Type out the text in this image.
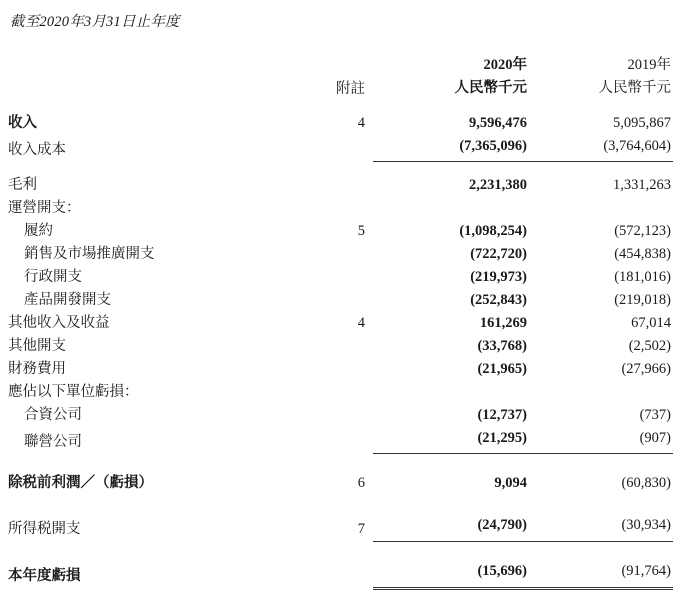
截至2020年3月31日止年度
		2020年	2019年
	附註	人民幣千元	人民幣千元

收入	4	9,596,476	5,095,867
收入成本		(7,365,096)	(3,764,604)

毛利		2,231,380	1,331,263
運營開支：			
履約	5	(1,098,254)	(572,123)
銷售及市場推廣開支		(722,720)	(454,838)
行政開支		(219,973)	(181,016)
產品開發開支		(252,843)	(219,018)
其他收入及收益	4	161,269	67,014
其他開支		(33,768)	(2,502)
財務費用		(21,965)	(27,966)
應佔以下單位虧損：			
合資公司		(12,737)	(737)
聯營公司		(21,295)	(907)

除税前利潤／（虧損）	6	9,094	(60,830)

所得税開支	7	(24,790)	(30,934)

本年度虧損		(15,696)	(91,764)
